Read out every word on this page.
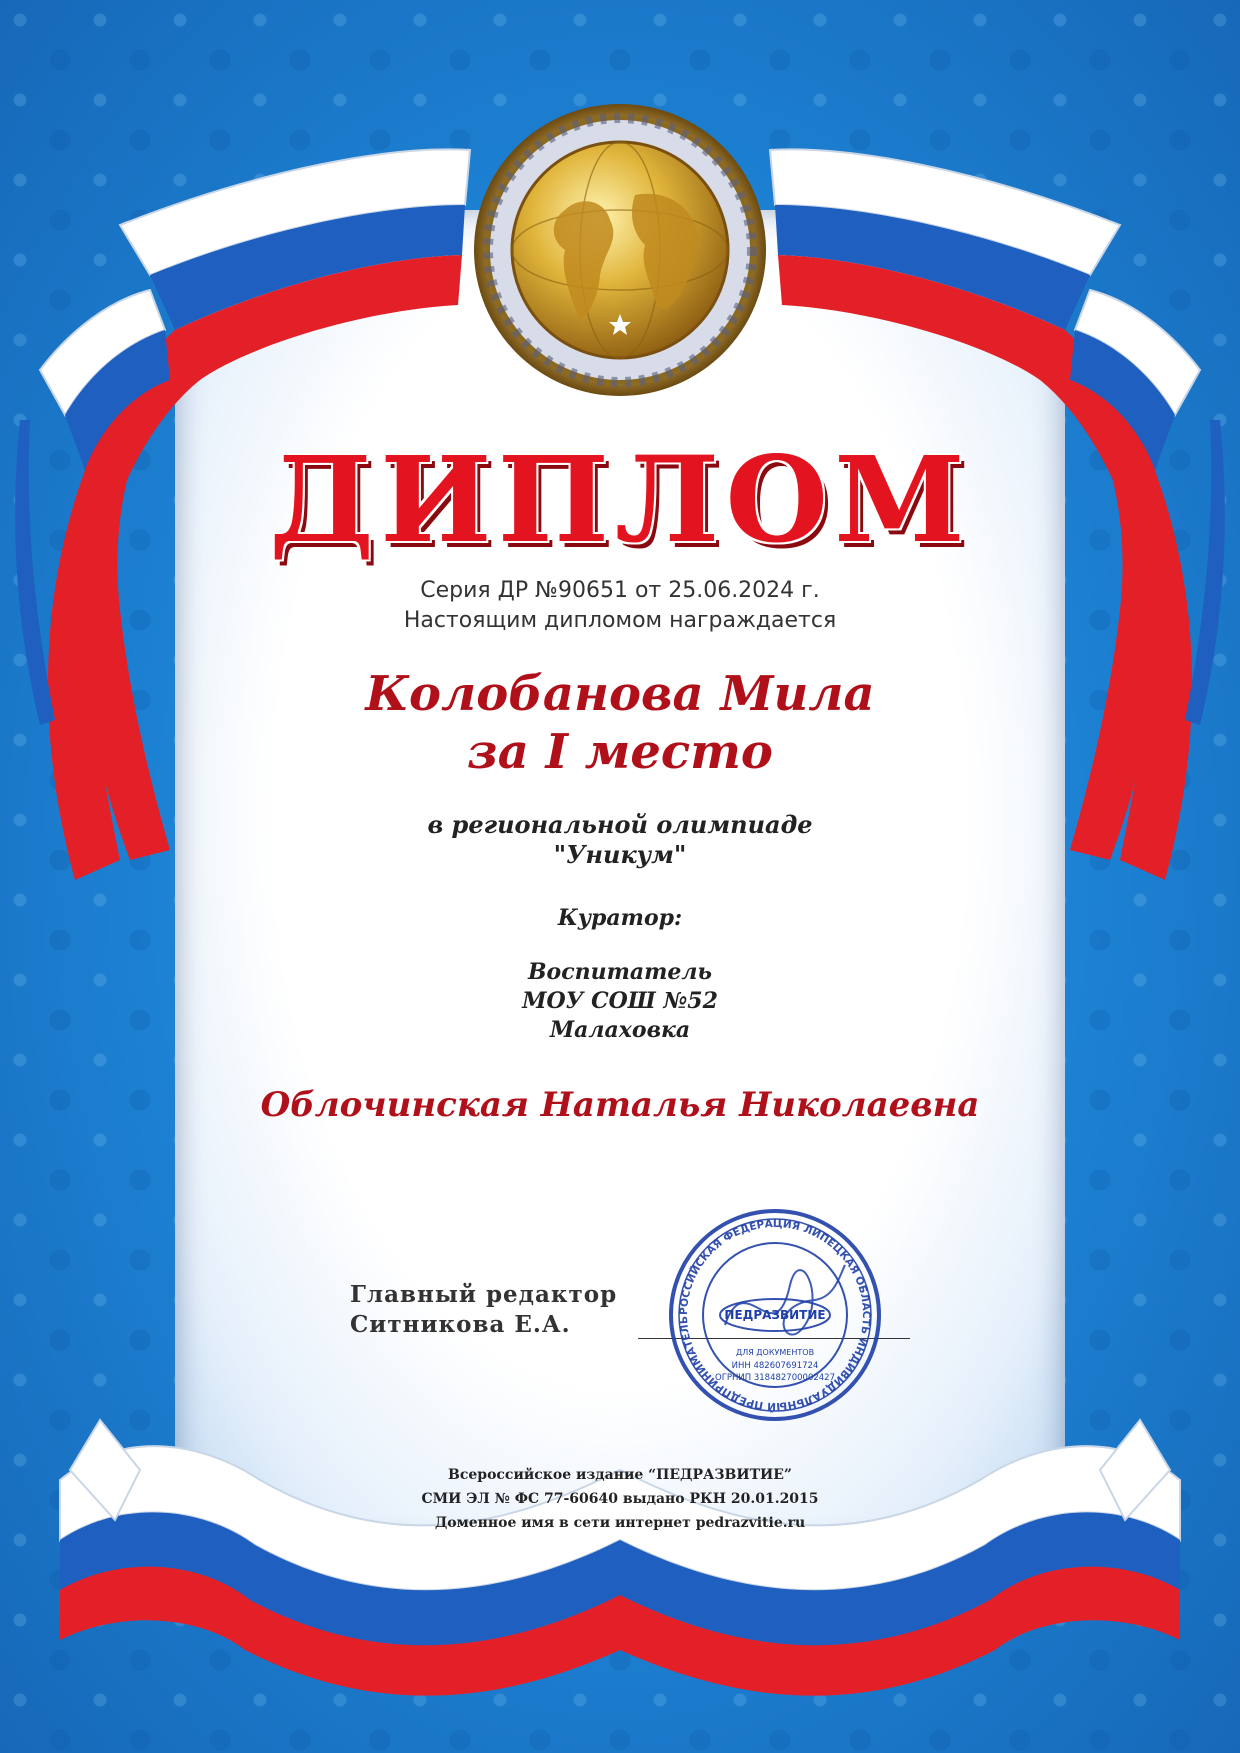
ДИПЛОМ
Серия ДР №90651 от 25.06.2024 г.
Настоящим дипломом награждается
Колобанова Мила
за I место
в региональной олимпиаде
"Уникум"
Куратор:
Воспитатель
МОУ СОШ №52
Малаховка
Облочинская Наталья Николаевна
Главный редактор
Ситникова Е.А.	РОССИЙСКАЯ ФЕДЕРАЦИЯ ЛИПЕЦКАЯ ОБЛАСТЬ ИНДИВИДУАЛЬНЫЙ ПРЕДПРИНИМАТЕЛЬ	ПЕДРАЗВИТИЕ
ДЛЯ ДОКУМЕНТОВ
ИНН 482607691724
ОГРНИП 318482700002427
Всероссийское издание “ПЕДРАЗВИТИЕ”
СМИ ЭЛ № ФС 77-60640 выдано РКН 20.01.2015
Доменное имя в сети интернет pedrazvitie.ru
